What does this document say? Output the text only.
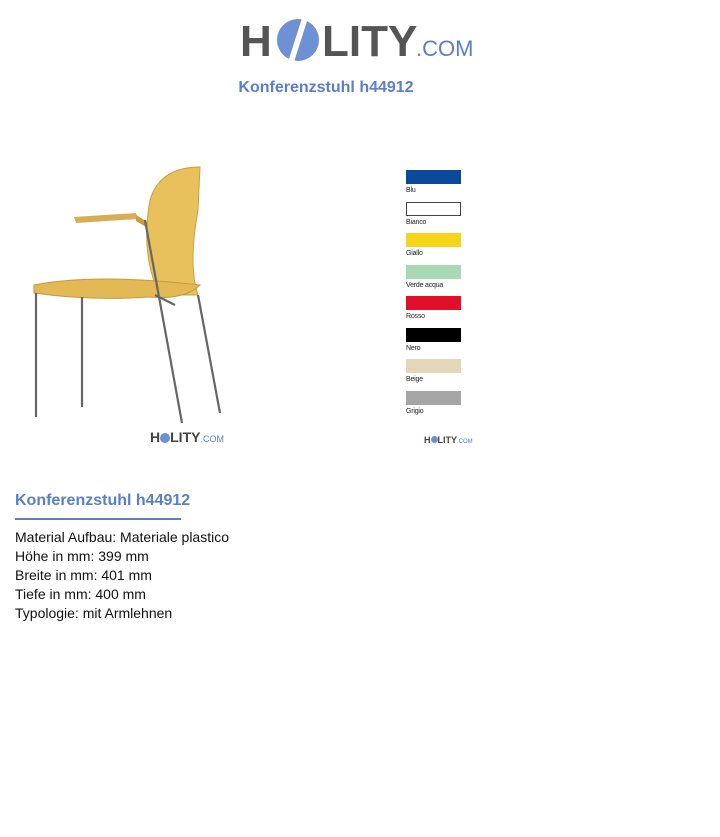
H LITY
.COM
Konferenzstuhl h44912
H LITY.COM
Blu
Bianco
Giallo
Verde acqua
Rosso
Nero
Beige
Grigio
H LITY.COM
Konferenzstuhl h44912
Material Aufbau: Materiale plastico
Höhe in mm: 399 mm
Breite in mm: 401 mm
Tiefe in mm: 400 mm
Typologie: mit Armlehnen
